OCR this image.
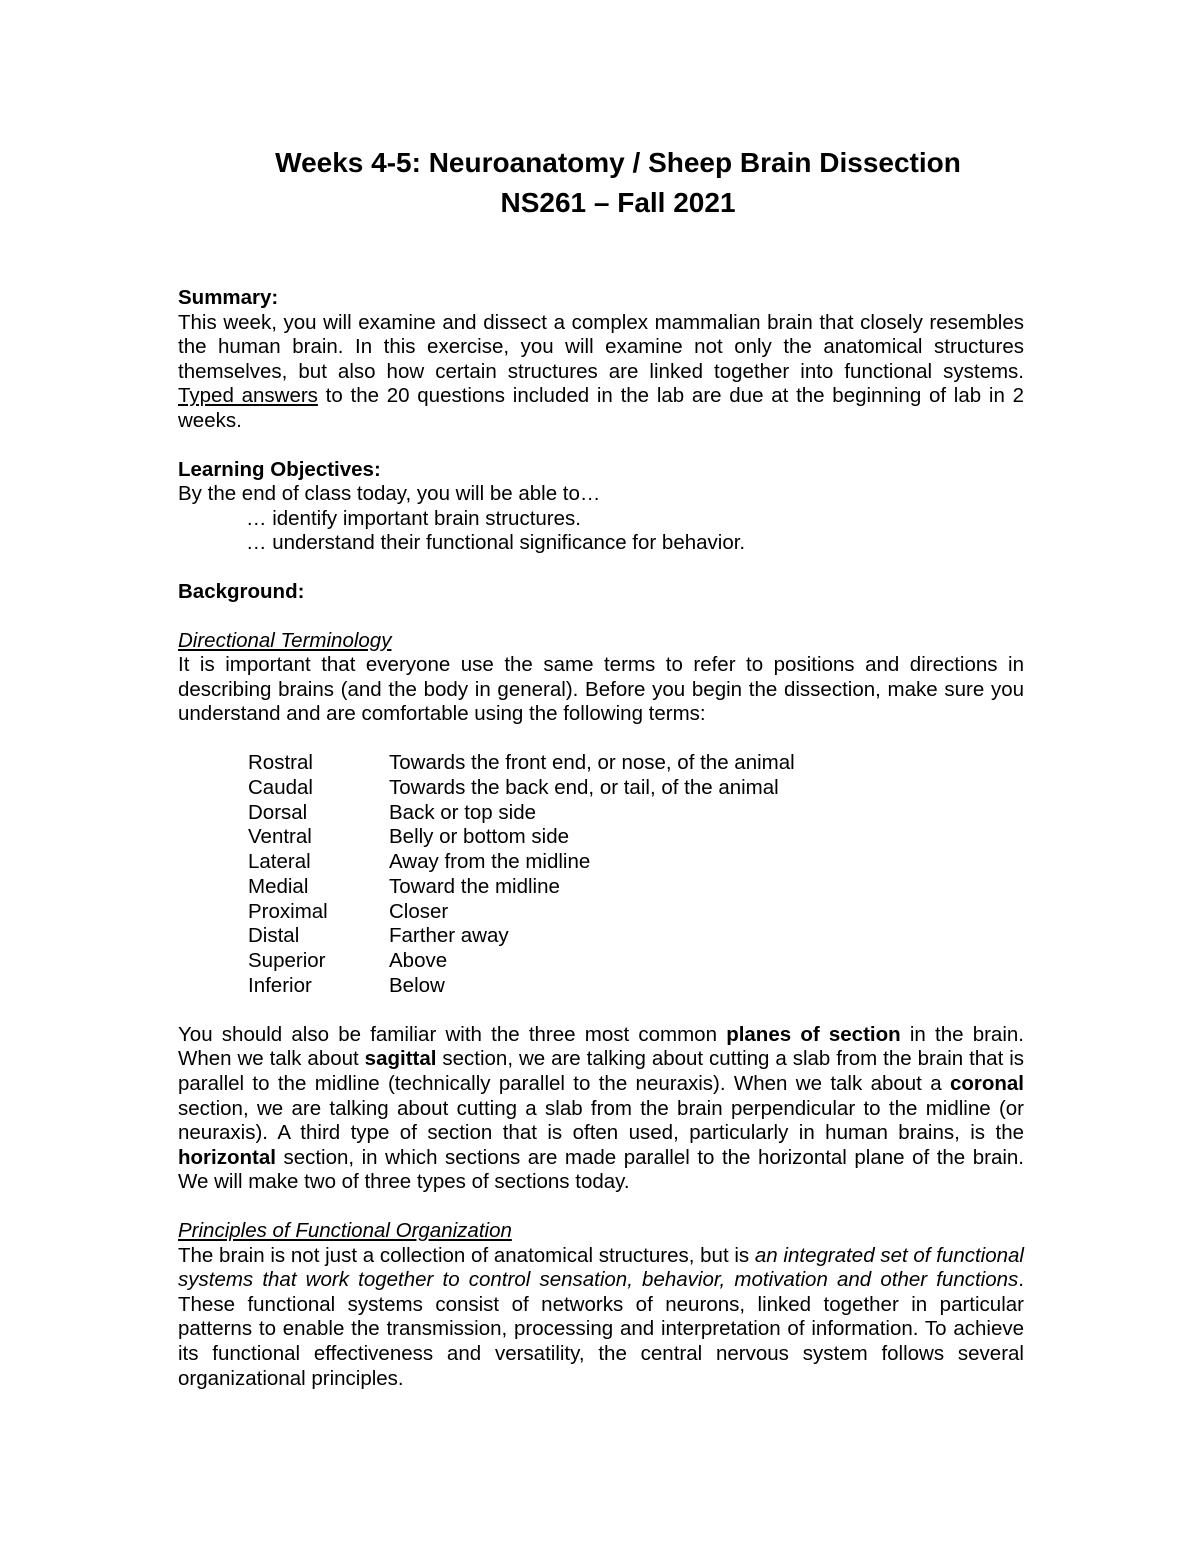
Weeks 4-5: Neuroanatomy / Sheep Brain Dissection
NS261 – Fall 2021

Summary:

This week, you will examine and dissect a complex mammalian brain that closely resembles the human brain. In this exercise, you will examine not only the anatomical structures themselves, but also how certain structures are linked together into functional systems. Typed answers to the 20 questions included in the lab are due at the beginning of lab in 2 weeks.

Learning Objectives:

By the end of class today, you will be able to…

… identify important brain structures.

… understand their functional significance for behavior.

Background:

Directional Terminology

It is important that everyone use the same terms to refer to positions and directions in describing brains (and the body in general). Before you begin the dissection, make sure you understand and are comfortable using the following terms:

Rostral	Towards the front end, or nose, of the animal
Caudal	Towards the back end, or tail, of the animal
Dorsal	Back or top side
Ventral	Belly or bottom side
Lateral	Away from the midline
Medial	Toward the midline
Proximal	Closer
Distal	Farther away
Superior	Above
Inferior	Below

You should also be familiar with the three most common planes of section in the brain. When we talk about sagittal section, we are talking about cutting a slab from the brain that is parallel to the midline (technically parallel to the neuraxis). When we talk about a coronal section, we are talking about cutting a slab from the brain perpendicular to the midline (or neuraxis). A third type of section that is often used, particularly in human brains, is the horizontal section, in which sections are made parallel to the horizontal plane of the brain. We will make two of three types of sections today.

Principles of Functional Organization

The brain is not just a collection of anatomical structures, but is an integrated set of functional systems that work together to control sensation, behavior, motivation and other functions. These functional systems consist of networks of neurons, linked together in particular patterns to enable the transmission, processing and interpretation of information. To achieve its functional effectiveness and versatility, the central nervous system follows several organizational principles.
